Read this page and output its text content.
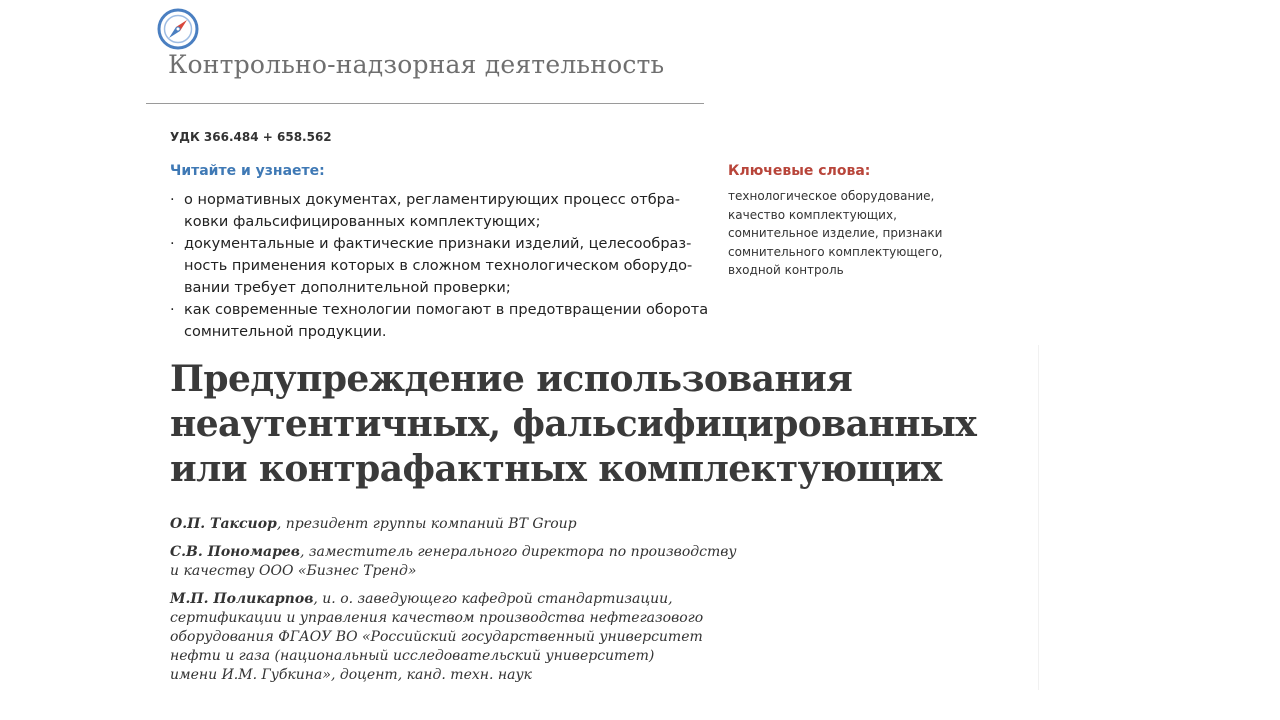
Контрольно-надзорная деятельность
УДК 366.484 + 658.562
Читайте и узнаете:
· о нормативных документах, регламентирующих процесс отбра-
ковки фальсифицированных комплектующих;
· документальные и фактические признаки изделий, целесообраз-
ность применения которых в сложном технологическом оборудо-
вании требует дополнительной проверки;
· как современные технологии помогают в предотвращении оборота
сомнительной продукции.
Ключевые слова:
технологическое оборудование,
качество комплектующих,
сомнительное изделие, признаки
сомнительного комплектующего,
входной контроль
Предупреждение использования
неаутентичных, фальсифицированных
или контрафактных комплектующих
О.П. Таксиор, президент группы компаний BT Group
С.В. Пономарев, заместитель генерального директора по производству
и качеству ООО «Бизнес Тренд»
М.П. Поликарпов, и. о. заведующего кафедрой стандартизации,
сертификации и управления качеством производства нефтегазового
оборудования ФГАОУ ВО «Российский государственный университет
нефти и газа (национальный исследовательский университет)
имени И.М. Губкина», доцент, канд. техн. наук
